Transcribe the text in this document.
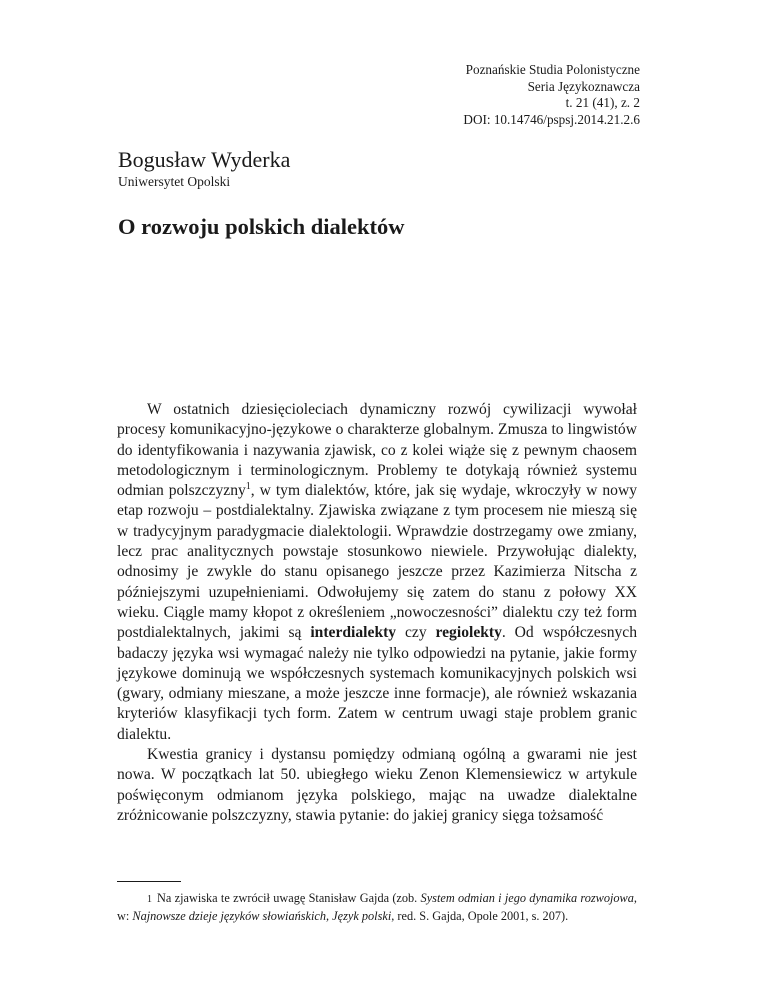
Poznańskie Studia Polonistyczne
Seria Językoznawcza
t. 21 (41), z. 2
DOI: 10.14746/pspsj.2014.21.2.6
Bogusław Wyderka
Uniwersytet Opolski
O rozwoju polskich dialektów

W ostatnich dziesięcioleciach dynamiczny rozwój cywilizacji wywołał procesy komunikacyjno-językowe o charakterze globalnym. Zmusza to lingwistów do identyfikowania i nazywania zjawisk, co z kolei wiąże się z pewnym chaosem metodologicznym i terminologicznym. Problemy te dotykają również systemu odmian polszczyzny$^1$, w tym dialektów, które, jak się wydaje, wkroczyły w nowy etap rozwoju – postdialektalny. Zjawiska związane z tym procesem nie mieszą się w tradycyjnym paradygmacie dialektologii. Wprawdzie dostrzegamy owe zmiany, lecz prac analitycznych powstaje stosunkowo niewiele. Przywołując dialekty, odnosimy je zwykle do stanu opisanego jeszcze przez Kazimierza Nitscha z późniejszymi uzupełnieniami. Odwołujemy się zatem do stanu z połowy XX wieku. Ciągle mamy kłopot z określeniem „nowoczesności” dialektu czy też form postdialektalnych, jakimi są interdialekty czy regiolekty. Od współczesnych badaczy języka wsi wymagać należy nie tylko odpowiedzi na pytanie, jakie formy językowe dominują we współczesnych systemach komunikacyjnych polskich wsi (gwary, odmiany mieszane, a może jeszcze inne formacje), ale również wskazania kryteriów klasyfikacji tych form. Zatem w centrum uwagi staje problem granic dialektu.

Kwestia granicy i dystansu pomiędzy odmianą ogólną a gwarami nie jest nowa. W początkach lat 50. ubiegłego wieku Zenon Klemensiewicz w artykule poświęconym odmianom języka polskiego, mając na uwadze dialektalne zróżnicowanie polszczyzny, stawia pytanie: do jakiej granicy sięga tożsamość

1 Na zjawiska te zwrócił uwagę Stanisław Gajda (zob. System odmian i jego dynamika rozwojowa, w: Najnowsze dzieje języków słowiańskich, Język polski, red. S. Gajda, Opole 2001, s. 207).
